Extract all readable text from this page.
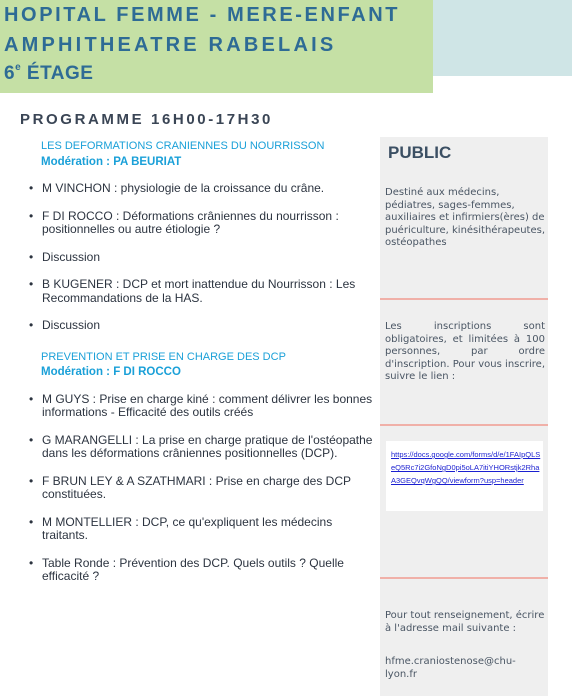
HOPITAL FEMME - MERE-ENFANT
AMPHITHEATRE RABELAIS
6e ÉTAGE
PROGRAMME 16H00-17H30
LES DEFORMATIONS CRANIENNES DU NOURRISSON
Modération : PA BEURIAT
• M VINCHON : physiologie de la croissance du crâne.
• F DI ROCCO : Déformations crâniennes du nourrisson : positionnelles ou autre étiologie ?
• Discussion
• B KUGENER : DCP et mort inattendue du Nourrisson : Les Recommandations de la HAS.
• Discussion
PREVENTION ET PRISE EN CHARGE DES DCP
Modération : F DI ROCCO
• M GUYS : Prise en charge kiné : comment délivrer les bonnes informations - Efficacité des outils créés
• G MARANGELLI : La prise en charge pratique de l'ostéopathe dans les déformations crâniennes positionnelles (DCP).
• F BRUN LEY & A SZATHMARI : Prise en charge des DCP constituées.
• M MONTELLIER : DCP, ce qu'expliquent les médecins traitants.
• Table Ronde : Prévention des DCP. Quels outils ? Quelle efficacité ?
PUBLIC
Destiné aux médecins, pédiatres, sages-femmes, auxiliaires et infirmiers(ères) de puériculture, kinésithérapeutes, ostéopathes
Les inscriptions sont obligatoires, et limitées à 100 personnes, par ordre d'inscription. Pour vous inscrire, suivre le lien :
https://docs.google.com/forms/d/e/1FAIpQLSeQ5Rc7i2GfoNgD0pi5oLA7itiYHORstjk2RhaA3GEQvqWgQQ/viewform?usp=header
Pour tout renseignement, écrire à l'adresse mail suivante :
hfme.craniostenose@chu-lyon.fr
